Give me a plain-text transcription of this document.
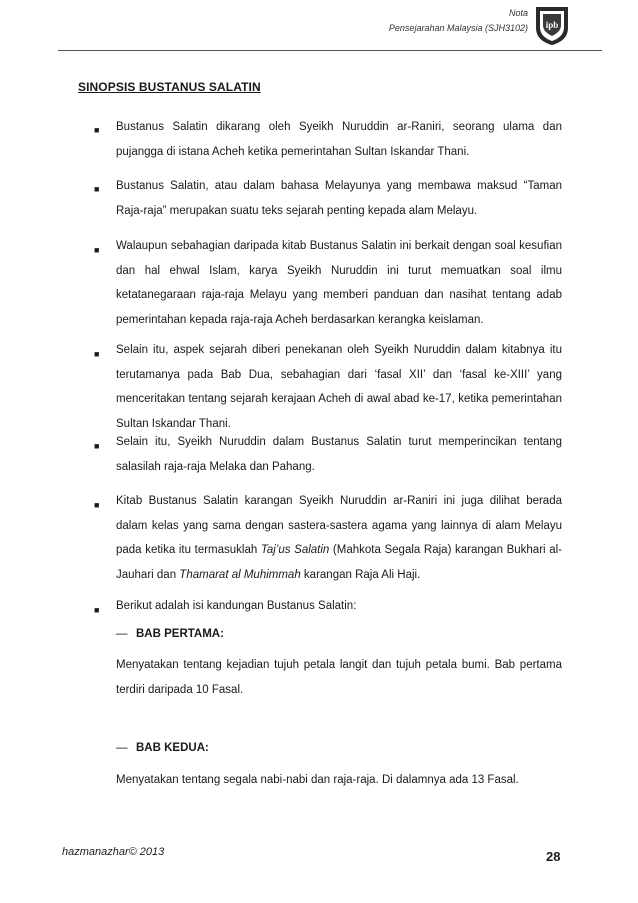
Nota
Pensejarahan Malaysia (SJH3102) ipb
SINOPSIS BUSTANUS SALATIN
■ Bustanus Salatin dikarang oleh Syeikh Nuruddin ar-Raniri, seorang ulama dan pujangga di istana Acheh ketika pemerintahan Sultan Iskandar Thani.
■ Bustanus Salatin, atau dalam bahasa Melayunya yang membawa maksud “Taman Raja-raja” merupakan suatu teks sejarah penting kepada alam Melayu.
■ Walaupun sebahagian daripada kitab Bustanus Salatin ini berkait dengan soal kesufian dan hal ehwal Islam, karya Syeikh Nuruddin ini turut memuatkan soal ilmu ketatanegaraan raja-raja Melayu yang memberi panduan dan nasihat tentang adab pemerintahan kepada raja-raja Acheh berdasarkan kerangka keislaman.
■ Selain itu, aspek sejarah diberi penekanan oleh Syeikh Nuruddin dalam kitabnya itu terutamanya pada Bab Dua, sebahagian dari ‘fasal XII’ dan ‘fasal ke-XIII’ yang menceritakan tentang sejarah kerajaan Acheh di awal abad ke-17, ketika pemerintahan Sultan Iskandar Thani.
■ Selain itu, Syeikh Nuruddin dalam Bustanus Salatin turut memperincikan tentang salasilah raja-raja Melaka dan Pahang.
■ Kitab Bustanus Salatin karangan Syeikh Nuruddin ar-Raniri ini juga dilihat berada dalam kelas yang sama dengan sastera-sastera agama yang lainnya di alam Melayu pada ketika itu termasuklah Taj’us Salatin (Mahkota Segala Raja) karangan Bukhari al-Jauhari dan Thamarat al Muhimmah karangan Raja Ali Haji.
■ Berikut adalah isi kandungan Bustanus Salatin:
— BAB PERTAMA:
Menyatakan tentang kejadian tujuh petala langit dan tujuh petala bumi. Bab pertama terdiri daripada 10 Fasal.
— BAB KEDUA:
Menyatakan tentang segala nabi-nabi dan raja-raja. Di dalamnya ada 13 Fasal.
hazmanazhar© 2013	28
